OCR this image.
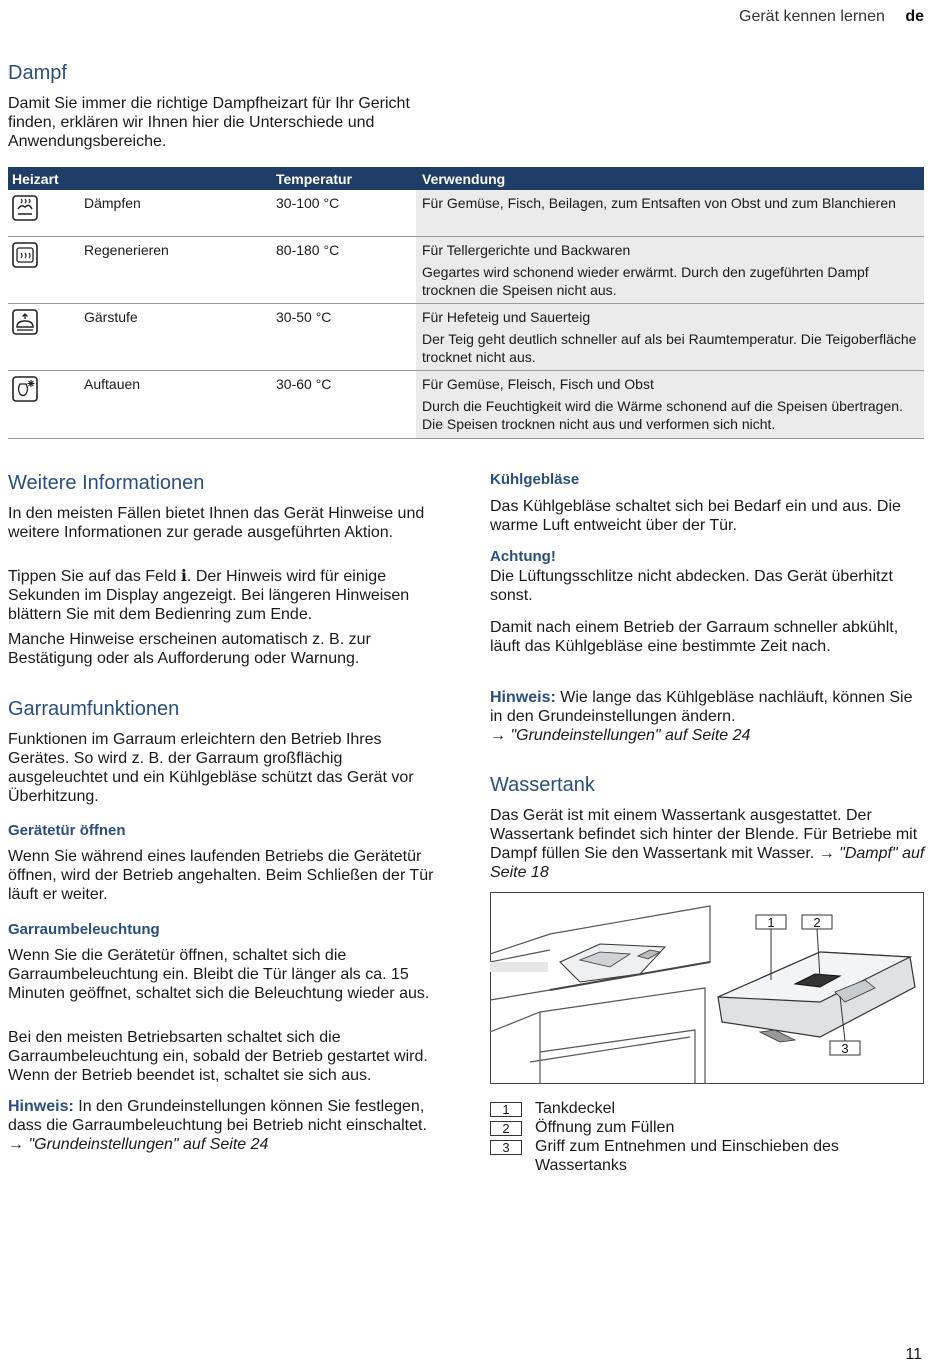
Gerät kennen lernen de
Dampf

Damit Sie immer die richtige Dampfheizart für Ihr Gericht finden, erklären wir Ihnen hier die Unterschiede und Anwendungsbereiche.

Heizart	Temperatur	Verwendung
Dämpfen	30-100 °C	Für Gemüse, Fisch, Beilagen, zum Entsaften von Obst und zum Blanchieren
Regenerieren	80-180 °C	Für Tellergerichte und Backwaren
Gegartes wird schonend wieder erwärmt. Durch den zugeführten Dampf trocknen die Speisen nicht aus.
Gärstufe	30-50 °C	Für Hefeteig und Sauerteig
Der Teig geht deutlich schneller auf als bei Raumtemperatur. Die Teigoberfläche trocknet nicht aus.
Auftauen	30-60 °C	Für Gemüse, Fleisch, Fisch und Obst
Durch die Feuchtigkeit wird die Wärme schonend auf die Speisen übertragen. Die Speisen trocknen nicht aus und verformen sich nicht.
Weitere Informationen

In den meisten Fällen bietet Ihnen das Gerät Hinweise und weitere Informationen zur gerade ausgeführten Aktion.

Tippen Sie auf das Feld ℹ. Der Hinweis wird für einige Sekunden im Display angezeigt. Bei längeren Hinweisen blättern Sie mit dem Bedienring zum Ende.

Manche Hinweise erscheinen automatisch z. B. zur Bestätigung oder als Aufforderung oder Warnung.

Garraumfunktionen

Funktionen im Garraum erleichtern den Betrieb Ihres Gerätes. So wird z. B. der Garraum großflächig ausgeleuchtet und ein Kühlgebläse schützt das Gerät vor Überhitzung.

Gerätetür öffnen

Wenn Sie während eines laufenden Betriebs die Gerätetür öffnen, wird der Betrieb angehalten. Beim Schließen der Tür läuft er weiter.

Garraumbeleuchtung

Wenn Sie die Gerätetür öffnen, schaltet sich die Garraumbeleuchtung ein. Bleibt die Tür länger als ca. 15 Minuten geöffnet, schaltet sich die Beleuchtung wieder aus.

Bei den meisten Betriebsarten schaltet sich die Garraumbeleuchtung ein, sobald der Betrieb gestartet wird. Wenn der Betrieb beendet ist, schaltet sie sich aus.

Hinweis: In den Grundeinstellungen können Sie festlegen, dass die Garraumbeleuchtung bei Betrieb nicht einschaltet. → "Grundeinstellungen" auf Seite 24

Kühlgebläse

Das Kühlgebläse schaltet sich bei Bedarf ein und aus. Die warme Luft entweicht über der Tür.

Achtung!

Die Lüftungsschlitze nicht abdecken. Das Gerät überhitzt sonst.

Damit nach einem Betrieb der Garraum schneller abkühlt, läuft das Kühlgebläse eine bestimmte Zeit nach.

Hinweis: Wie lange das Kühlgebläse nachläuft, können Sie in den Grundeinstellungen ändern.
→ "Grundeinstellungen" auf Seite 24

Wassertank

Das Gerät ist mit einem Wassertank ausgestattet. Der Wassertank befindet sich hinter der Blende. Für Betriebe mit Dampf füllen Sie den Wassertank mit Wasser. → "Dampf" auf Seite 18

1	2
3
1	Tankdeckel
2	Öffnung zum Füllen
3	Griff zum Entnehmen und Einschieben des Wassertanks
11
